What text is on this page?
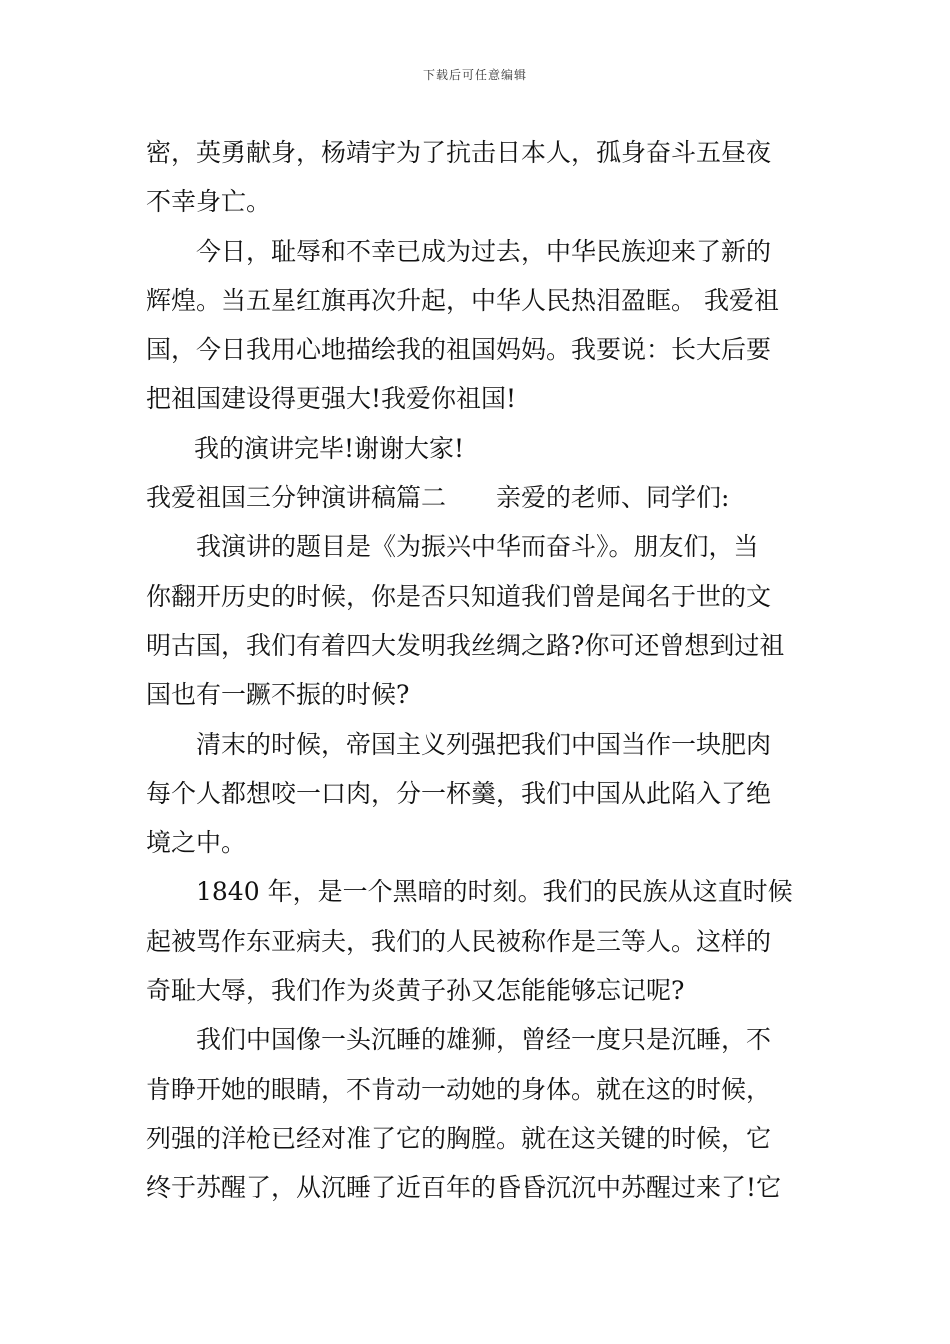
下载后可任意编辑
密，英勇献身，杨靖宇为了抗击日本人，孤身奋斗五昼夜
不幸身亡。
今日，耻辱和不幸已成为过去，中华民族迎来了新的
辉煌。当五星红旗再次升起，中华人民热泪盈眶。 我爱祖
国，今日我用心地描绘我的祖国妈妈。我要说：长大后要
把祖国建设得更强大!我爱你祖国!
我的演讲完毕!谢谢大家!
我爱祖国三分钟演讲稿篇二 亲爱的老师、同学们:
我演讲的题目是《为振兴中华而奋斗》。朋友们，当
你翻开历史的时候，你是否只知道我们曾是闻名于世的文
明古国，我们有着四大发明我丝绸之路?你可还曾想到过祖
国也有一蹶不振的时候?
清末的时候，帝国主义列强把我们中国当作一块肥肉
每个人都想咬一口肉，分一杯羹，我们中国从此陷入了绝
境之中。
1840 年，是一个黑暗的时刻。我们的民族从这直时候
起被骂作东亚病夫，我们的人民被称作是三等人。这样的
奇耻大辱，我们作为炎黄子孙又怎能能够忘记呢?
我们中国像一头沉睡的雄狮，曾经一度只是沉睡，不
肯睁开她的眼睛，不肯动一动她的身体。就在这的时候，
列强的洋枪已经对准了它的胸膛。就在这关键的时候，它
终于苏醒了，从沉睡了近百年的昏昏沉沉中苏醒过来了!它
